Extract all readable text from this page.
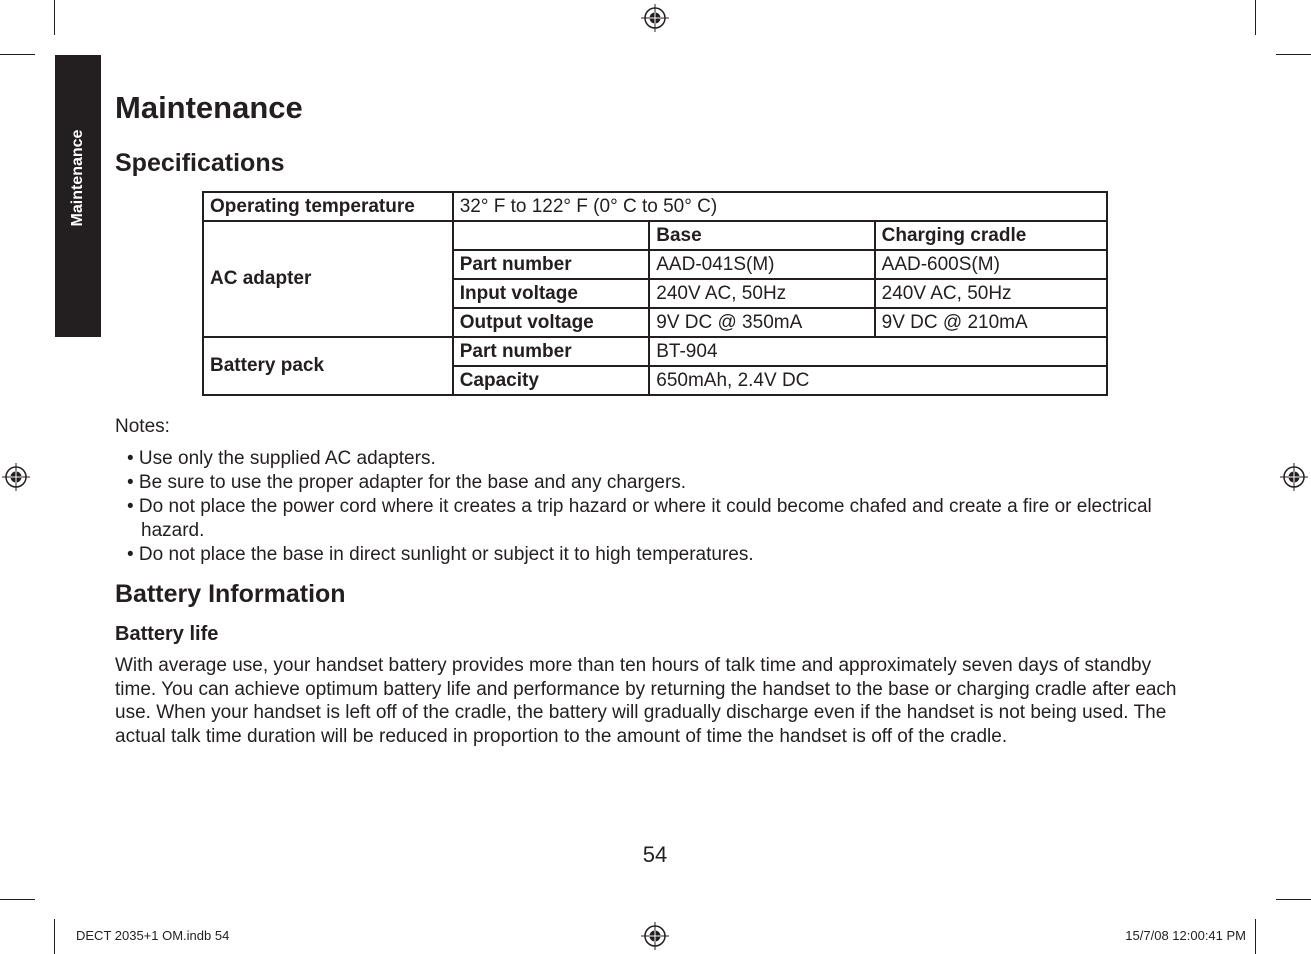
Maintenance
Maintenance
Specifications
Operating temperature	32° F to 122° F (0° C to 50° C)		
AC adapter		Base	Charging cradle
	Part number	AAD-041S(M)	AAD-600S(M)
	Input voltage	240V AC, 50Hz	240V AC, 50Hz
	Output voltage	9V DC @ 350mA	9V DC @ 210mA
Battery pack	Part number	BT-904	
	Capacity	650mAh, 2.4V DC	
Notes:
• Use only the supplied AC adapters.
• Be sure to use the proper adapter for the base and any chargers.
• Do not place the power cord where it creates a trip hazard or where it could become chafed and create a fire or electrical hazard.
• Do not place the base in direct sunlight or subject it to high temperatures.
Battery Information
Battery life

With average use, your handset battery provides more than ten hours of talk time and approximately seven days of standby time. You can achieve optimum battery life and performance by returning the handset to the base or charging cradle after each use. When your handset is left off of the cradle, the battery will gradually discharge even if the handset is not being used. The actual talk time duration will be reduced in proportion to the amount of time the handset is off of the cradle.

54
DECT 2035+1 OM.indb 54	15/7/08 12:00:41 PM
